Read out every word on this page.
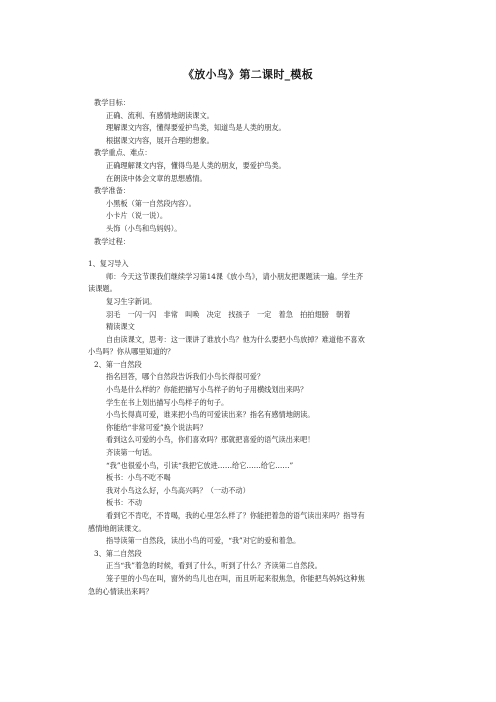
《放小鸟》第二课时_模板
教学目标：
正确、流利、有感情地朗读课文。
理解课文内容，懂得要爱护鸟类，知道鸟是人类的朋友。
根据课文内容，展开合理的想象。
教学重点、难点：
正确理解课文内容，懂得鸟是人类的朋友，要爱护鸟类。
在朗读中体会文章的思想感情。
教学准备：
小黑板（第一自然段内容）。
小卡片（说一说）。
头饰（小鸟和鸟妈妈）。
教学过程：
1、复习导入
师：今天这节课我们继续学习第14课《放小鸟》，请小朋友把课题读一遍。学生齐
读课题。
复习生字新词。
羽毛　一闪一闪　非常　叫唤　决定　找孩子　一定　着急　拍拍翅膀　朝着
精读课文
自由读课文，思考：这一课讲了谁放小鸟？他为什么要把小鸟放掉？难道他不喜欢
小鸟吗？你从哪里知道的？
2、第一自然段
指名回答，哪个自然段告诉我们小鸟长得很可爱？
小鸟是什么样的？你能把描写小鸟样子的句子用横线划出来吗？
学生在书上划出描写小鸟样子的句子。
小鸟长得真可爱，谁来把小鸟的可爱读出来？指名有感情地朗读。
你能给“非常可爱”换个说法吗？
看到这么可爱的小鸟，你们喜欢吗？那就把喜爱的语气读出来吧！
齐读第一句话。
“我”也很爱小鸟，引读“我把它放进……给它……给它……”
板书：小鸟不吃不喝
我对小鸟这么好，小鸟高兴吗？（一动不动）
板书：不动
看到它不肯吃，不肯喝，我的心里怎么样了？你能把着急的语气读出来吗？指导有
感情地朗读课文。
指导读第一自然段，读出小鸟的可爱，“我”对它的爱和着急。
3、第二自然段
正当“我”着急的时候，看到了什么，听到了什么？齐读第二自然段。
笼子里的小鸟在叫，窗外的鸟儿也在叫，而且听起来很焦急，你能把鸟妈妈这种焦
急的心情读出来吗？
